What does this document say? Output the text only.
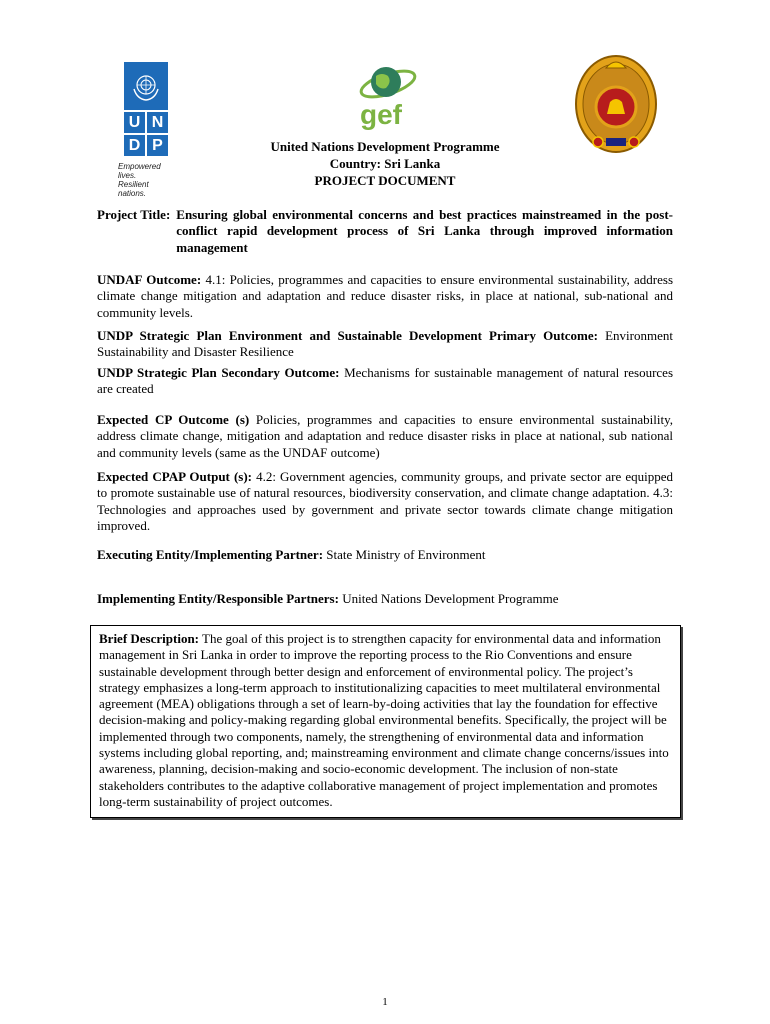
U N
D P
Empowered lives.
Resilient nations.
gef
United Nations Development Programme
Country: Sri Lanka
PROJECT DOCUMENT
Project Title: Ensuring global environmental concerns and best practices mainstreamed in the post-conflict rapid development process of Sri Lanka through improved information management
UNDAF Outcome: 4.1: Policies, programmes and capacities to ensure environmental sustainability, address climate change mitigation and adaptation and reduce disaster risks, in place at national, sub-national and community levels.
UNDP Strategic Plan Environment and Sustainable Development Primary Outcome: Environment Sustainability and Disaster Resilience
UNDP Strategic Plan Secondary Outcome: Mechanisms for sustainable management of natural resources are created
Expected CP Outcome (s) Policies, programmes and capacities to ensure environmental sustainability, address climate change, mitigation and adaptation and reduce disaster risks in place at national, sub national and community levels (same as the UNDAF outcome)
Expected CPAP Output (s): 4.2: Government agencies, community groups, and private sector are equipped to promote sustainable use of natural resources, biodiversity conservation, and climate change adaptation. 4.3: Technologies and approaches used by government and private sector towards climate change mitigation improved.
Executing Entity/Implementing Partner: State Ministry of Environment
Implementing Entity/Responsible Partners: United Nations Development Programme
Brief Description: The goal of this project is to strengthen capacity for environmental data and information management in Sri Lanka in order to improve the reporting process to the Rio Conventions and ensure sustainable development through better design and enforcement of environmental policy. The project’s strategy emphasizes a long-term approach to institutionalizing capacities to meet multilateral environmental agreement (MEA) obligations through a set of learn-by-doing activities that lay the foundation for effective decision-making and policy-making regarding global environmental benefits. Specifically, the project will be implemented through two components, namely, the strengthening of environmental data and information systems including global reporting, and; mainstreaming environment and climate change concerns/issues into awareness, planning, decision-making and socio-economic development. The inclusion of non-state stakeholders contributes to the adaptive collaborative management of project implementation and promotes long-term sustainability of project outcomes.
1
